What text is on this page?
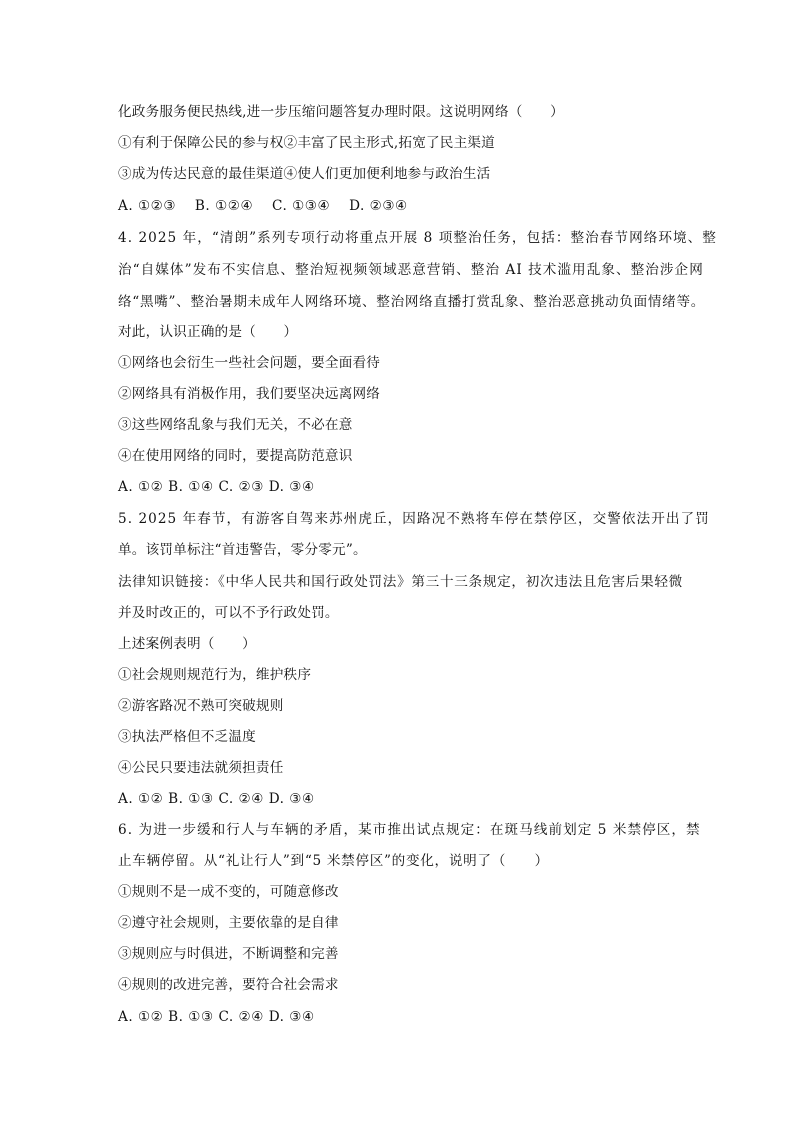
化政务服务便民热线,进一步压缩问题答复办理时限。这说明网络（　　）
①有利于保障公民的参与权②丰富了民主形式,拓宽了民主渠道
③成为传达民意的最佳渠道④使人们更加便利地参与政治生活
A. ①②③　 B. ①②④　 C. ①③④　 D. ②③④
4. 2025 年，“清朗”系列专项行动将重点开展 8 项整治任务，包括：整治春节网络环境、整
治“自媒体”发布不实信息、整治短视频领域恶意营销、整治 AI 技术滥用乱象、整治涉企网
络“黑嘴”、整治暑期未成年人网络环境、整治网络直播打赏乱象、整治恶意挑动负面情绪等。
对此，认识正确的是（　　）
①网络也会衍生一些社会问题，要全面看待
②网络具有消极作用，我们要坚决远离网络
③这些网络乱象与我们无关，不必在意
④在使用网络的同时，要提高防范意识
A. ①② B. ①④ C. ②③ D. ③④
5. 2025 年春节，有游客自驾来苏州虎丘，因路况不熟将车停在禁停区，交警依法开出了罚
单。该罚单标注“首违警告，零分零元”。
法律知识链接：《中华人民共和国行政处罚法》第三十三条规定，初次违法且危害后果轻微
并及时改正的，可以不予行政处罚。
上述案例表明（　　）
①社会规则规范行为，维护秩序
②游客路况不熟可突破规则
③执法严格但不乏温度
④公民只要违法就须担责任
A. ①② B. ①③ C. ②④ D. ③④
6. 为进一步缓和行人与车辆的矛盾，某市推出试点规定：在斑马线前划定 5 米禁停区，禁
止车辆停留。从“礼让行人”到“5 米禁停区”的变化，说明了（　　）
①规则不是一成不变的，可随意修改
②遵守社会规则，主要依靠的是自律
③规则应与时俱进，不断调整和完善
④规则的改进完善，要符合社会需求
A. ①② B. ①③ C. ②④ D. ③④
